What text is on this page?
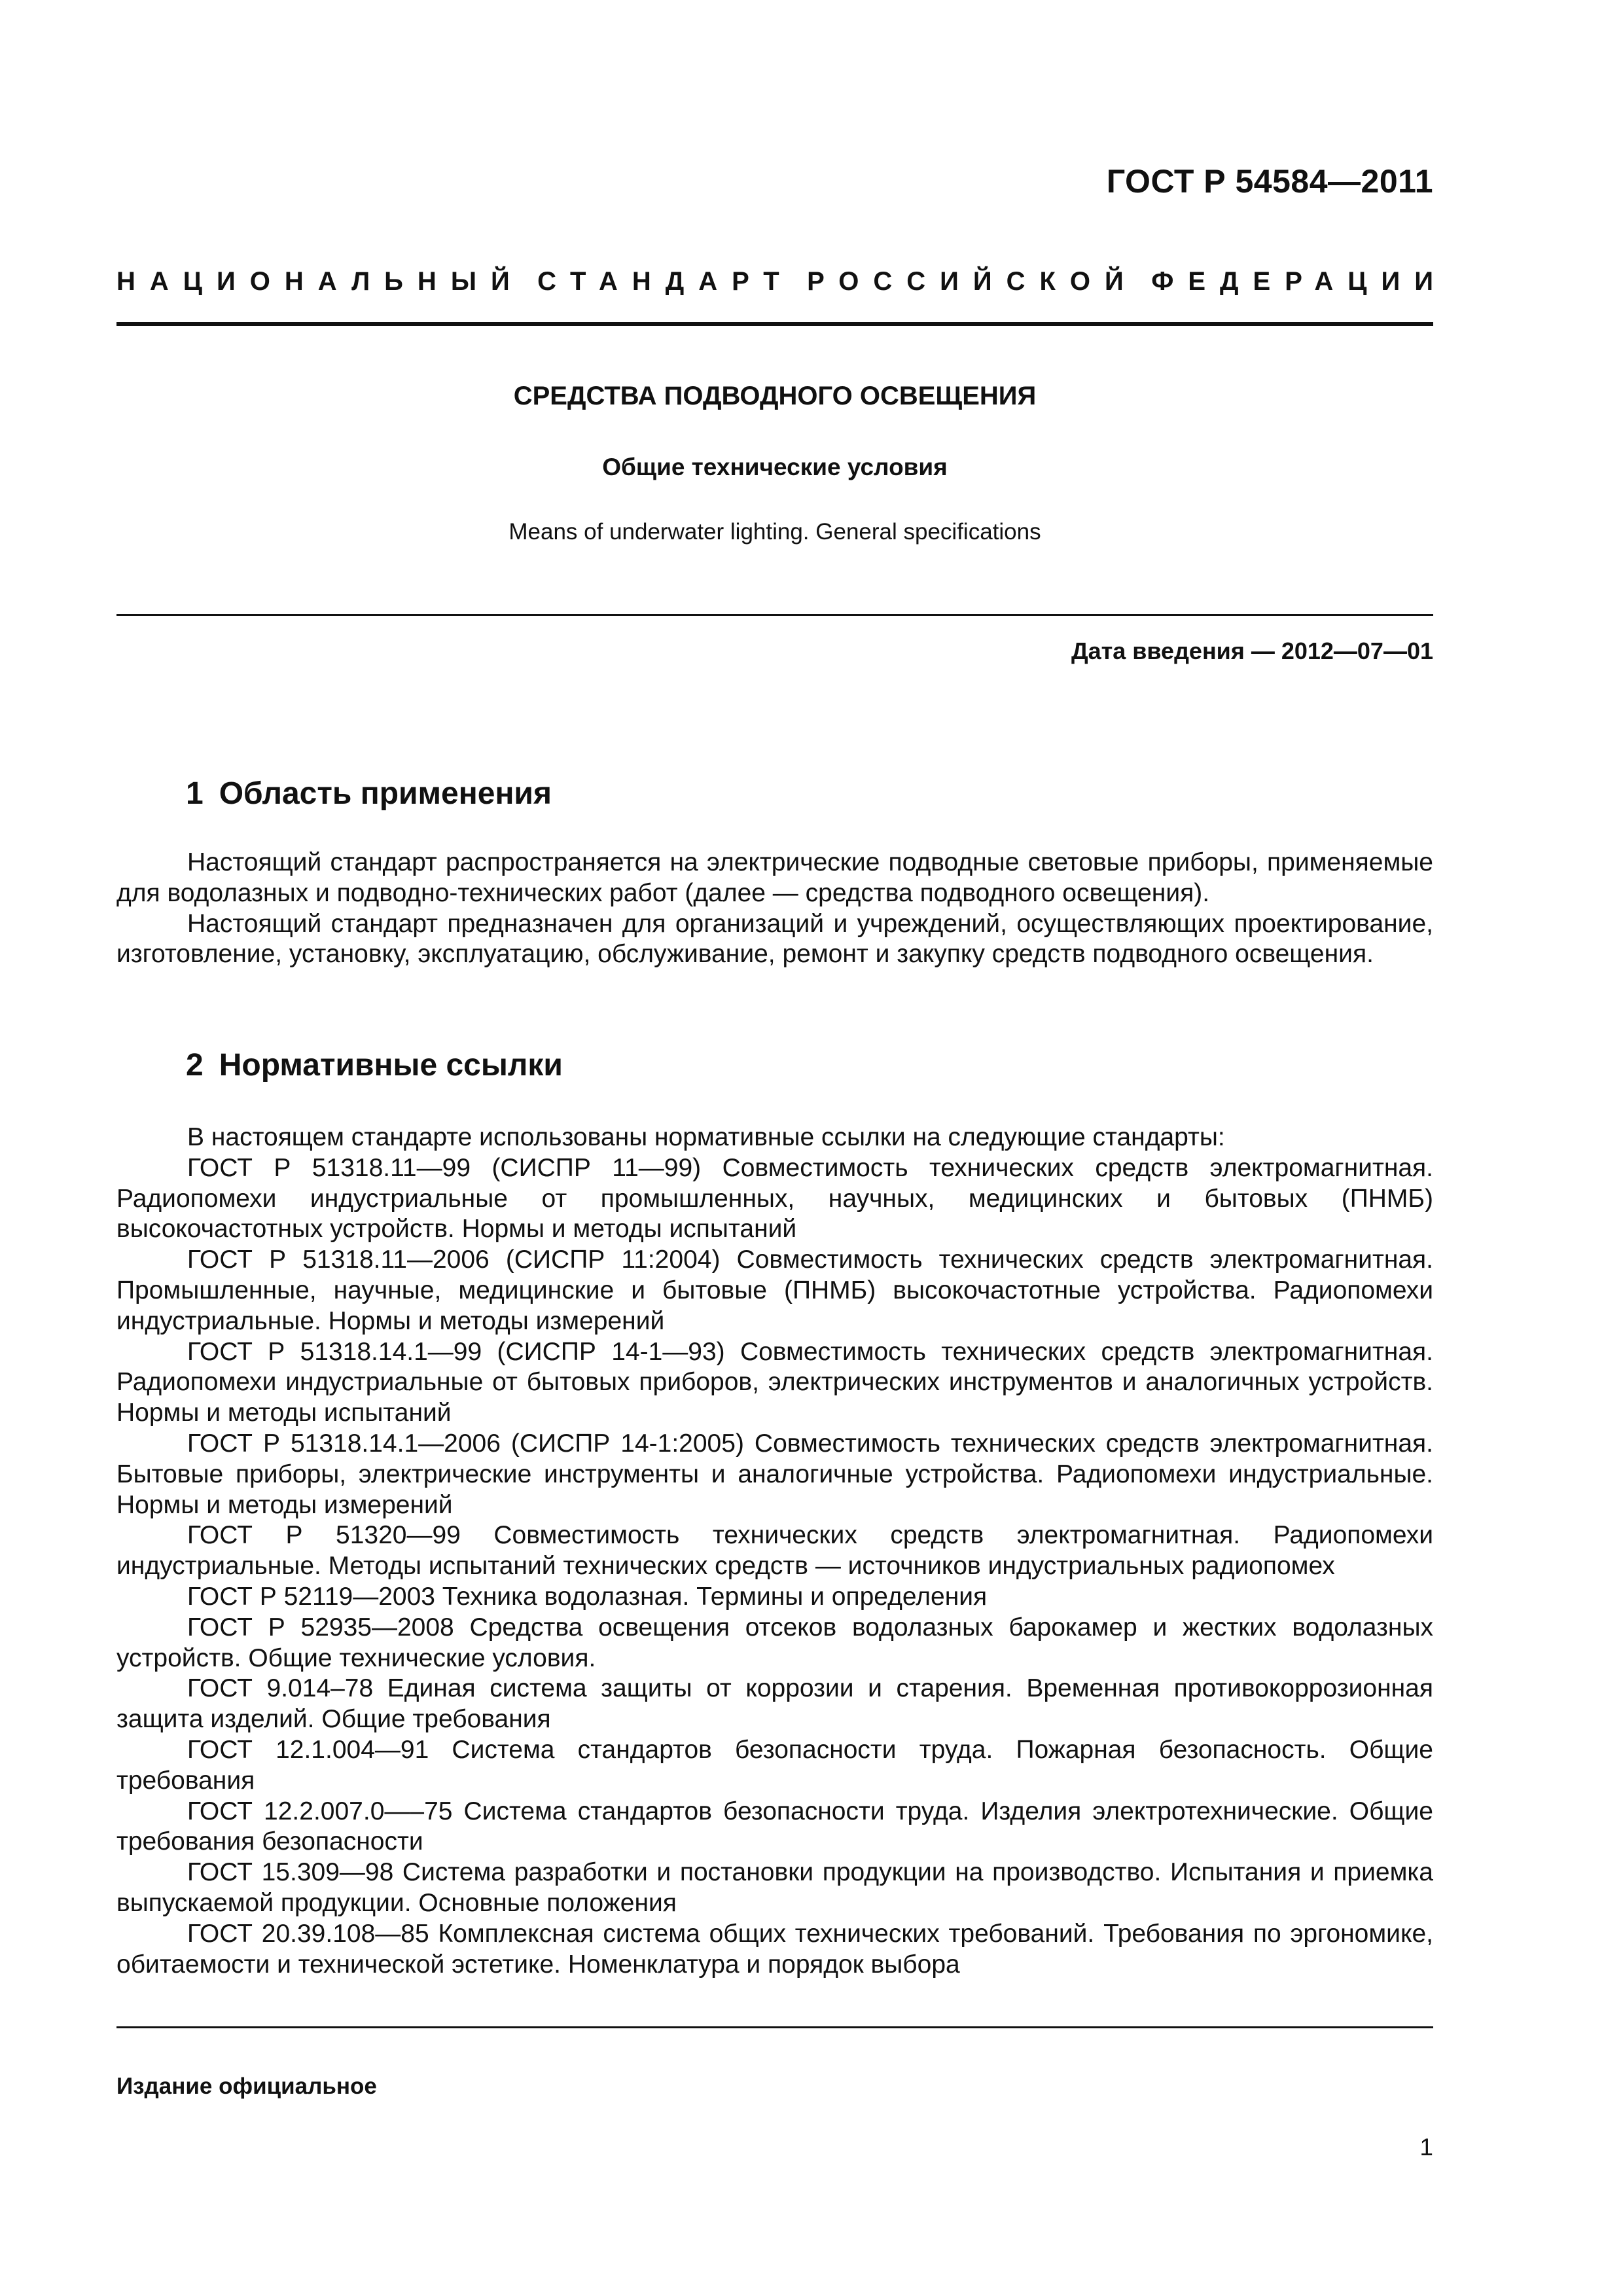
ГОСТ Р 54584—2011
НАЦИОНАЛЬНЫЙ СТАНДАРТ РОССИЙСКОЙ ФЕДЕРАЦИИ
СРЕДСТВА ПОДВОДНОГО ОСВЕЩЕНИЯ
Общие технические условия
Means of underwater lighting. General specifications
Дата введения — 2012—07—01
1 Область применения

Настоящий стандарт распространяется на электрические подводные световые приборы, применяемые для водолазных и подводно-технических работ (далее — средства подводного освещения).

Настоящий стандарт предназначен для организаций и учреждений, осуществляющих проектирование, изготовление, установку, эксплуатацию, обслуживание, ремонт и закупку средств подводного освещения.

2 Нормативные ссылки

В настоящем стандарте использованы нормативные ссылки на следующие стандарты:

ГОСТ Р 51318.11—99 (СИСПР 11—99) Совместимость технических средств электромагнитная. Радиопомехи индустриальные от промышленных, научных, медицинских и бытовых (ПНМБ) высокочастотных устройств. Нормы и методы испытаний

ГОСТ Р 51318.11—2006 (СИСПР 11:2004) Совместимость технических средств электромагнитная. Промышленные, научные, медицинские и бытовые (ПНМБ) высокочастотные устройства. Радиопомехи индустриальные. Нормы и методы измерений

ГОСТ Р 51318.14.1—99 (СИСПР 14-1—93) Совместимость технических средств электромагнитная. Радиопомехи индустриальные от бытовых приборов, электрических инструментов и аналогичных устройств. Нормы и методы испытаний

ГОСТ Р 51318.14.1—2006 (СИСПР 14-1:2005) Совместимость технических средств электромагнитная. Бытовые приборы, электрические инструменты и аналогичные устройства. Радиопомехи индустриальные. Нормы и методы измерений

ГОСТ Р 51320—99 Совместимость технических средств электромагнитная. Радиопомехи индустриальные. Методы испытаний технических средств — источников индустриальных радиопомех

ГОСТ Р 52119—2003 Техника водолазная. Термины и определения

ГОСТ Р 52935—2008 Средства освещения отсеков водолазных барокамер и жестких водолазных устройств. Общие технические условия.

ГОСТ 9.014–78 Единая система защиты от коррозии и старения. Временная противокоррозионная защита изделий. Общие требования

ГОСТ 12.1.004—91 Система стандартов безопасности труда. Пожарная безопасность. Общие требования

ГОСТ 12.2.007.0—–75 Система стандартов безопасности труда. Изделия электротехнические. Общие требования безопасности

ГОСТ 15.309—98 Система разработки и постановки продукции на производство. Испытания и приемка выпускаемой продукции. Основные положения

ГОСТ 20.39.108—85 Комплексная система общих технических требований. Требования по эргономике, обитаемости и технической эстетике. Номенклатура и порядок выбора

Издание официальное
1
